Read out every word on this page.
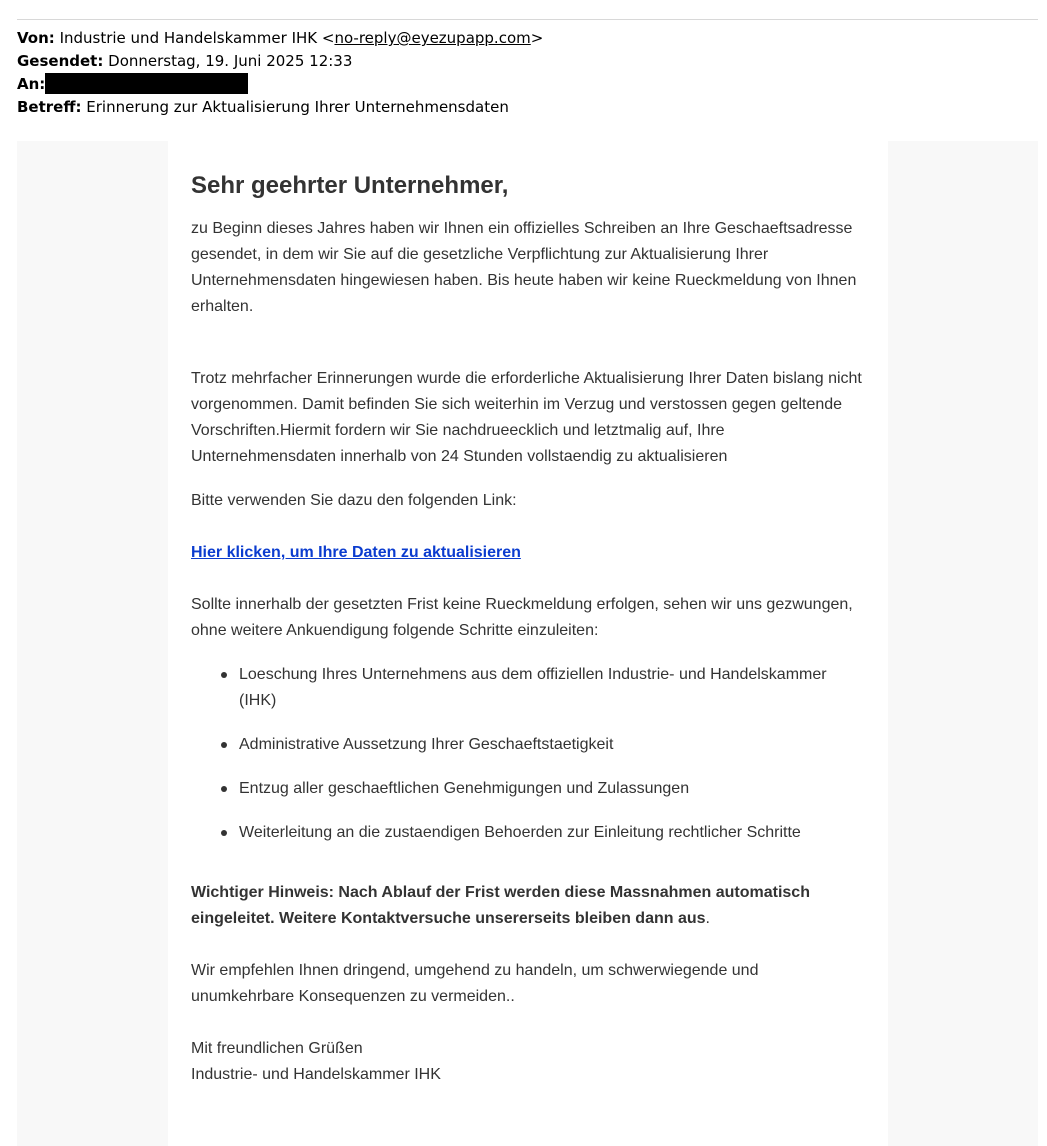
Von: Industrie und Handelskammer IHK <no-reply@eyezupapp.com>
Gesendet: Donnerstag, 19. Juni 2025 12:33
An:
Betreff: Erinnerung zur Aktualisierung Ihrer Unternehmensdaten
Sehr geehrter Unternehmer,

zu Beginn dieses Jahres haben wir Ihnen ein offizielles Schreiben an Ihre Geschaeftsadresse gesendet, in dem wir Sie auf die gesetzliche Verpflichtung zur Aktualisierung Ihrer Unternehmensdaten hingewiesen haben. Bis heute haben wir keine Rueckmeldung von Ihnen erhalten.

Trotz mehrfacher Erinnerungen wurde die erforderliche Aktualisierung Ihrer Daten bislang nicht vorgenommen. Damit befinden Sie sich weiterhin im Verzug und verstossen gegen geltende Vorschriften.Hiermit fordern wir Sie nachdrueecklich und letztmalig auf, Ihre Unternehmensdaten innerhalb von 24 Stunden vollstaendig zu aktualisieren

Bitte verwenden Sie dazu den folgenden Link:

Hier klicken, um Ihre Daten zu aktualisieren

Sollte innerhalb der gesetzten Frist keine Rueckmeldung erfolgen, sehen wir uns gezwungen, ohne weitere Ankuendigung folgende Schritte einzuleiten:

Loeschung Ihres Unternehmens aus dem offiziellen Industrie- und Handelskammer (IHK)
Administrative Aussetzung Ihrer Geschaeftstaetigkeit
Entzug aller geschaeftlichen Genehmigungen und Zulassungen
Weiterleitung an die zustaendigen Behoerden zur Einleitung rechtlicher Schritte

Wichtiger Hinweis: Nach Ablauf der Frist werden diese Massnahmen automatisch eingeleitet. Weitere Kontaktversuche unsererseits bleiben dann aus.

Wir empfehlen Ihnen dringend, umgehend zu handeln, um schwerwiegende und unumkehrbare Konsequenzen zu vermeiden..

Mit freundlichen Grüßen
Industrie- und Handelskammer IHK
